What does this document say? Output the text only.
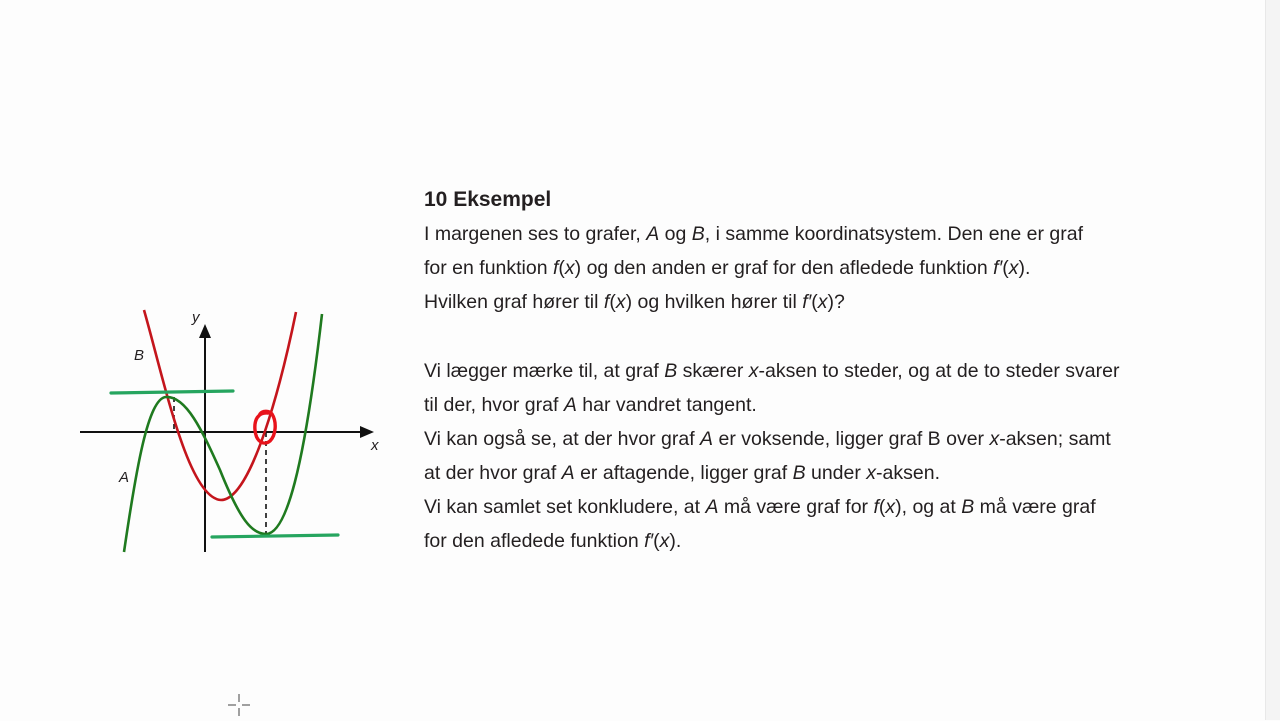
y
x
B
A

10 Eksempel

I margenen ses to grafer, A og B, i samme koordinatsystem. Den ene er graf

for en funktion f(x) og den anden er graf for den afledede funktion f′(x).

Hvilken graf hører til f(x) og hvilken hører til f′(x)?

Vi lægger mærke til, at graf B skærer x-aksen to steder, og at de to steder svarer

til der, hvor graf A har vandret tangent.

Vi kan også se, at der hvor graf A er voksende, ligger graf B over x-aksen; samt

at der hvor graf A er aftagende, ligger graf B under x-aksen.

Vi kan samlet set konkludere, at A må være graf for f(x), og at B må være graf

for den afledede funktion f′(x).
